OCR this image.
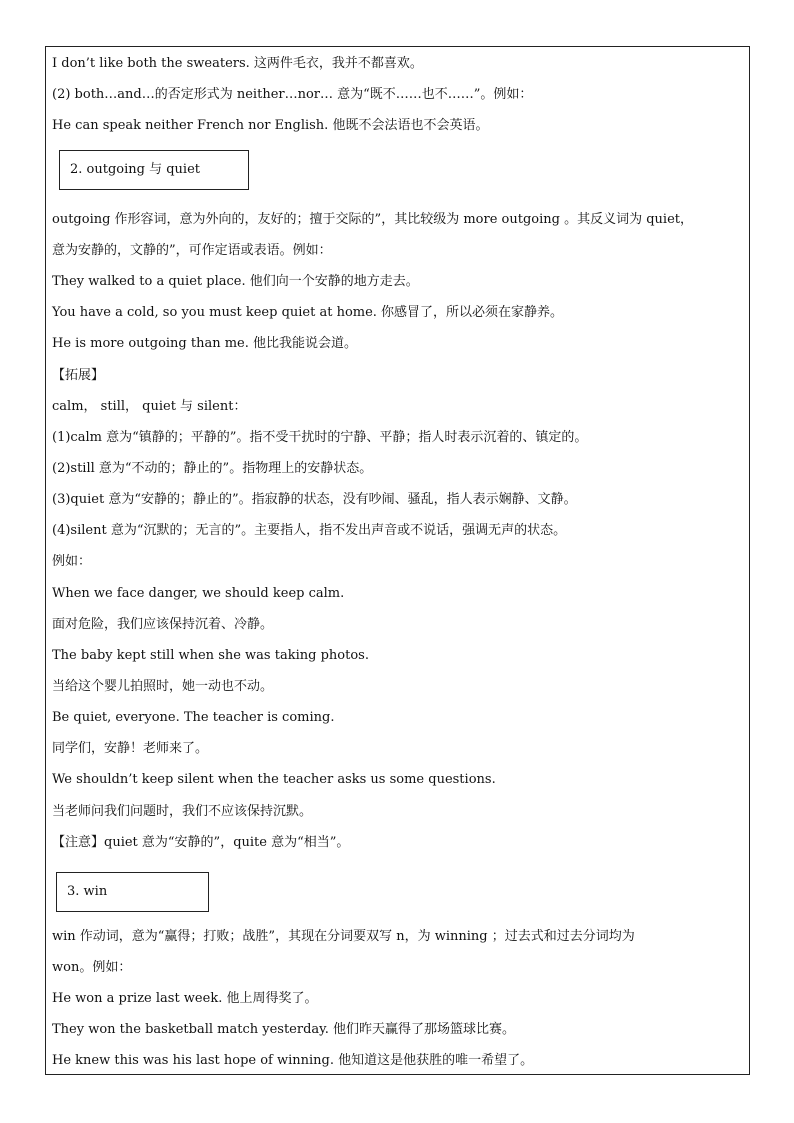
I don’t like both the sweaters. 这两件毛衣，我并不都喜欢。
(2) both…and…的否定形式为 neither…nor… 意为“既不……也不……”。例如：
He can speak neither French nor English. 他既不会法语也不会英语。
2. outgoing 与 quiet
outgoing 作形容词，意为外向的，友好的；擅于交际的”，其比较级为 more outgoing 。其反义词为 quiet，
意为安静的，文静的”，可作定语或表语。例如：
They walked to a quiet place. 他们向一个安静的地方走去。
You have a cold, so you must keep quiet at home. 你感冒了，所以必须在家静养。
He is more outgoing than me. 他比我能说会道。
【拓展】
calm， still， quiet 与 silent：
(1)calm 意为“镇静的；平静的”。指不受干扰时的宁静、平静；指人时表示沉着的、镇定的。
(2)still 意为“不动的；静止的”。指物理上的安静状态。
(3)quiet 意为“安静的；静止的”。指寂静的状态，没有吵闹、骚乱，指人表示娴静、文静。
(4)silent 意为“沉默的；无言的”。主要指人，指不发出声音或不说话，强调无声的状态。
例如：
When we face danger, we should keep calm.
面对危险，我们应该保持沉着、冷静。
The baby kept still when she was taking photos.
当给这个婴儿拍照时，她一动也不动。
Be quiet, everyone. The teacher is coming.
同学们，安静！老师来了。
We shouldn’t keep silent when the teacher asks us some questions.
当老师问我们问题时，我们不应该保持沉默。
【注意】quiet 意为“安静的”，quite 意为“相当”。
3. win
win 作动词，意为“赢得；打败；战胜”，其现在分词要双写 n，为 winning ；过去式和过去分词均为
won。例如：
He won a prize last week. 他上周得奖了。
They won the basketball match yesterday. 他们昨天赢得了那场篮球比赛。
He knew this was his last hope of winning. 他知道这是他获胜的唯一希望了。
